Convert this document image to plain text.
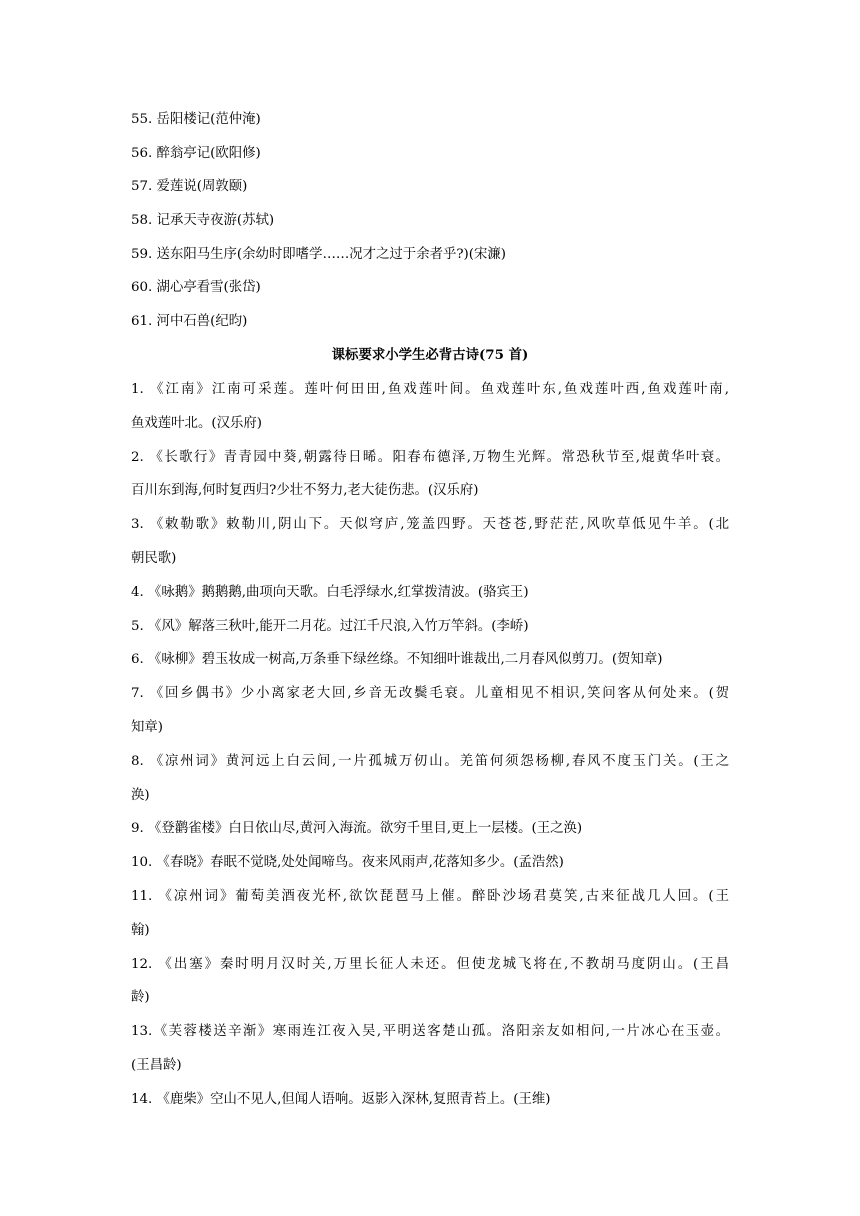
55. 岳阳楼记(范仲淹)
56. 醉翁亭记(欧阳修)
57. 爱莲说(周敦颐)
58. 记承天寺夜游(苏轼)
59. 送东阳马生序(余幼时即嗜学……况才之过于余者乎?)(宋濂)
60. 湖心亭看雪(张岱)
61. 河中石兽(纪昀)
课标要求小学生必背古诗(75 首)
1. 《江南》江南可采莲。莲叶何田田,鱼戏莲叶间。鱼戏莲叶东,鱼戏莲叶西,鱼戏莲叶南,
鱼戏莲叶北。(汉乐府)
2. 《长歌行》青青园中葵,朝露待日晞。阳春布德泽,万物生光辉。常恐秋节至,焜黄华叶衰。
百川东到海,何时复西归?少壮不努力,老大徒伤悲。(汉乐府)
3. 《敕勒歌》敕勒川,阴山下。天似穹庐,笼盖四野。天苍苍,野茫茫,风吹草低见牛羊。(北
朝民歌)
4. 《咏鹅》鹅鹅鹅,曲项向天歌。白毛浮绿水,红掌拨清波。(骆宾王)
5. 《风》解落三秋叶,能开二月花。过江千尺浪,入竹万竿斜。(李峤)
6. 《咏柳》碧玉妆成一树高,万条垂下绿丝绦。不知细叶谁裁出,二月春风似剪刀。(贺知章)
7. 《回乡偶书》少小离家老大回,乡音无改鬓毛衰。儿童相见不相识,笑问客从何处来。(贺
知章)
8. 《凉州词》黄河远上白云间,一片孤城万仞山。羌笛何须怨杨柳,春风不度玉门关。(王之
涣)
9. 《登鹳雀楼》白日依山尽,黄河入海流。欲穷千里目,更上一层楼。(王之涣)
10. 《春晓》春眠不觉晓,处处闻啼鸟。夜来风雨声,花落知多少。(孟浩然)
11. 《凉州词》葡萄美酒夜光杯,欲饮琵琶马上催。醉卧沙场君莫笑,古来征战几人回。(王
翰)
12. 《出塞》秦时明月汉时关,万里长征人未还。但使龙城飞将在,不教胡马度阴山。(王昌
龄)
13.《芙蓉楼送辛渐》寒雨连江夜入吴,平明送客楚山孤。洛阳亲友如相问,一片冰心在玉壶。
(王昌龄)
14. 《鹿柴》空山不见人,但闻人语响。返影入深林,复照青苔上。(王维)
